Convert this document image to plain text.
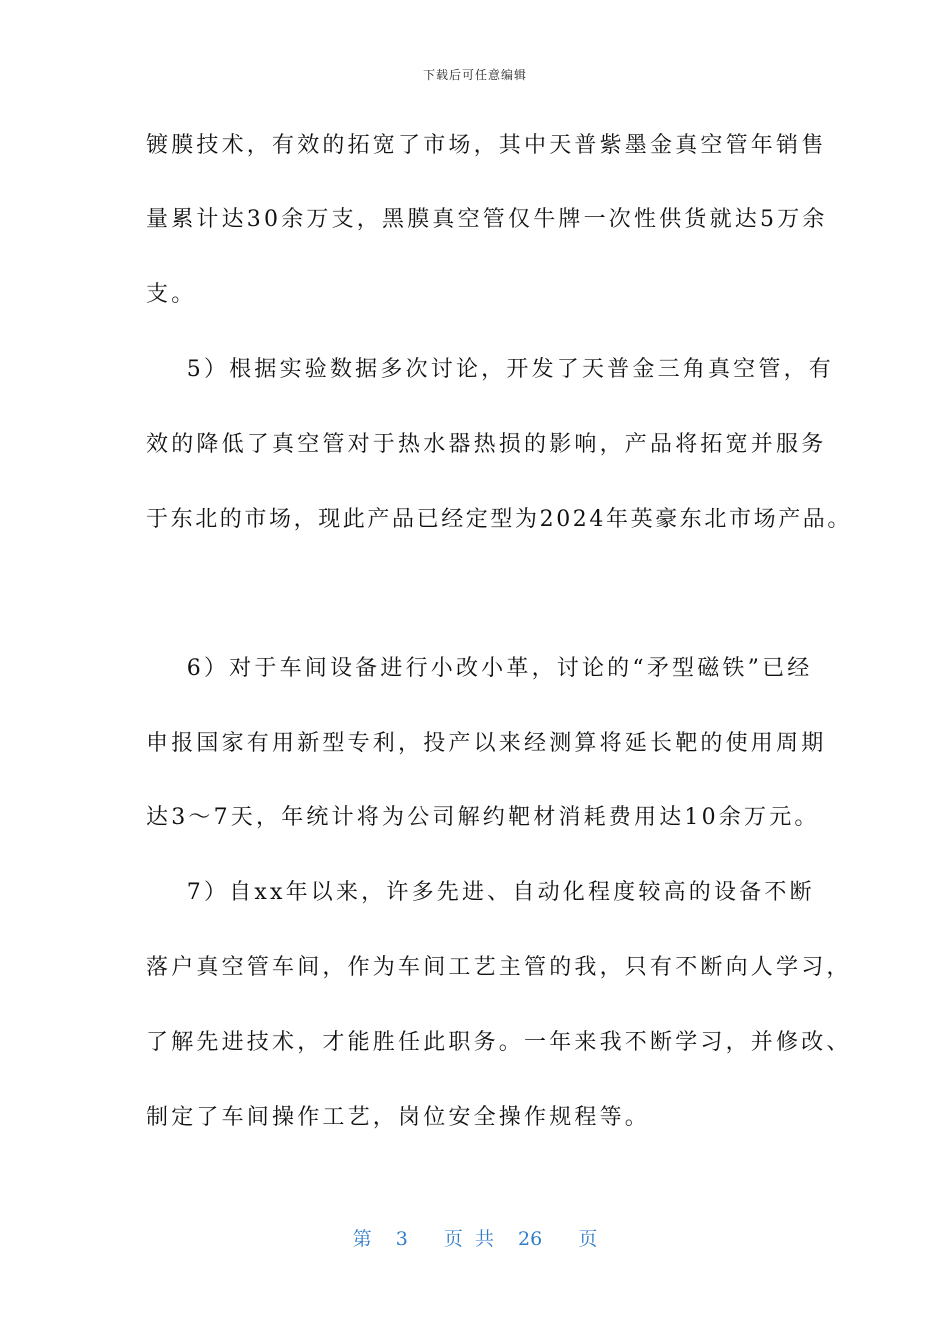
下载后可任意编辑
镀膜技术，有效的拓宽了市场，其中天普紫墨金真空管年销售
量累计达30余万支，黑膜真空管仅牛牌一次性供货就达5万余
支。
5）根据实验数据多次讨论，开发了天普金三角真空管，有
效的降低了真空管对于热水器热损的影响，产品将拓宽并服务
于东北的市场，现此产品已经定型为2024年英豪东北市场产品。
6）对于车间设备进行小改小革，讨论的“矛型磁铁”已经
申报国家有用新型专利，投产以来经测算将延长靶的使用周期
达3～7天，年统计将为公司解约靶材消耗费用达10余万元。
7）自xx年以来，许多先进、自动化程度较高的设备不断
落户真空管车间，作为车间工艺主管的我，只有不断向人学习，
了解先进技术，才能胜任此职务。一年来我不断学习，并修改、
制定了车间操作工艺，岗位安全操作规程等。
第  3   页 共  26   页
